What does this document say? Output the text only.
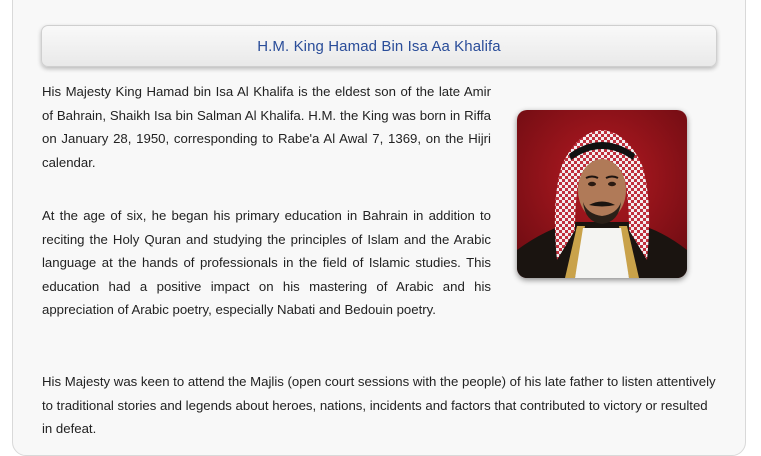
H.M. King Hamad Bin Isa Aa Khalifa

His Majesty King Hamad bin Isa Al Khalifa is the eldest son of the late Amir of Bahrain, Shaikh Isa bin Salman Al Khalifa. H.M. the King was born in Riffa on January 28, 1950, corresponding to Rabe'a Al Awal 7, 1369, on the Hijri calendar.

At the age of six, he began his primary education in Bahrain in addition to reciting the Holy Quran and studying the principles of Islam and the Arabic language at the hands of professionals in the field of Islamic studies. This education had a positive impact on his mastering of Arabic and his appreciation of Arabic poetry, especially Nabati and Bedouin poetry.

His Majesty was keen to attend the Majlis (open court sessions with the people) of his late father to listen attentively to traditional stories and legends about heroes, nations, incidents and factors that contributed to victory or resulted in defeat.
